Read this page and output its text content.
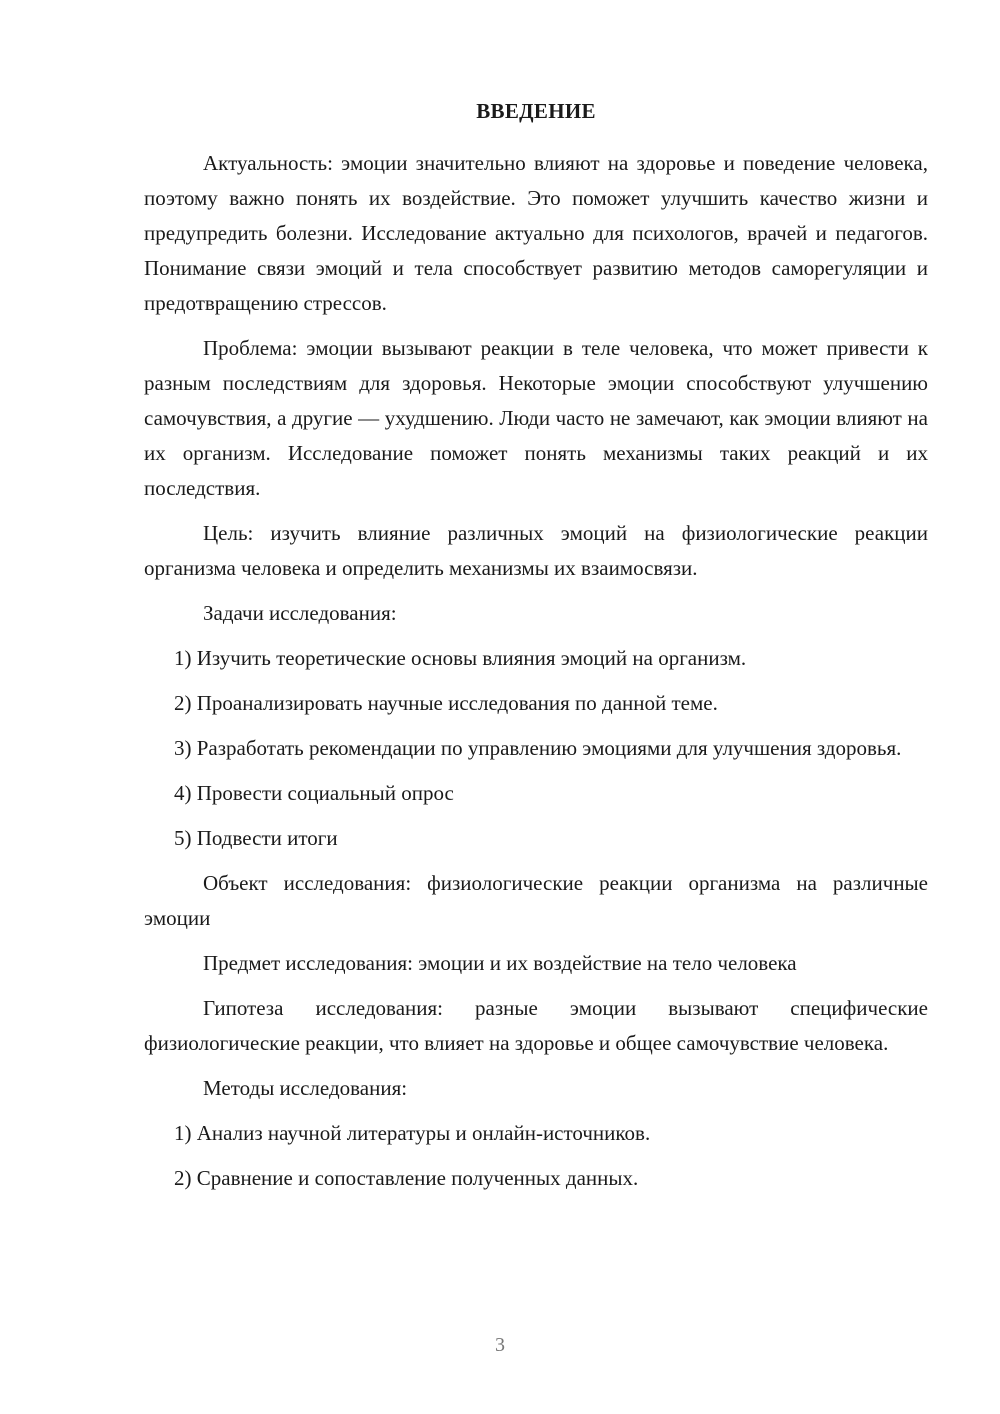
ВВЕДЕНИЕ

Актуальность: эмоции значительно влияют на здоровье и поведение человека, поэтому важно понять их воздействие. Это поможет улучшить качество жизни и предупредить болезни. Исследование актуально для психологов, врачей и педагогов. Понимание связи эмоций и тела способствует развитию методов саморегуляции и предотвращению стрессов.

Проблема: эмоции вызывают реакции в теле человека, что может привести к разным последствиям для здоровья. Некоторые эмоции способствуют улучшению самочувствия, а другие — ухудшению. Люди часто не замечают, как эмоции влияют на их организм. Исследование поможет понять механизмы таких реакций и их последствия.

Цель: изучить влияние различных эмоций на физиологические реакции организма человека и определить механизмы их взаимосвязи.

Задачи исследования:

1) Изучить теоретические основы влияния эмоций на организм.

2) Проанализировать научные исследования по данной теме.

3) Разработать рекомендации по управлению эмоциями для улучшения здоровья.

4) Провести социальный опрос

5) Подвести итоги

Объект исследования: физиологические реакции организма на различные эмоции

Предмет исследования: эмоции и их воздействие на тело человека

Гипотеза исследования: разные эмоции вызывают специфические физиологические реакции, что влияет на здоровье и общее самочувствие человека.

Методы исследования:

1) Анализ научной литературы и онлайн-источников.

2) Сравнение и сопоставление полученных данных.

3
